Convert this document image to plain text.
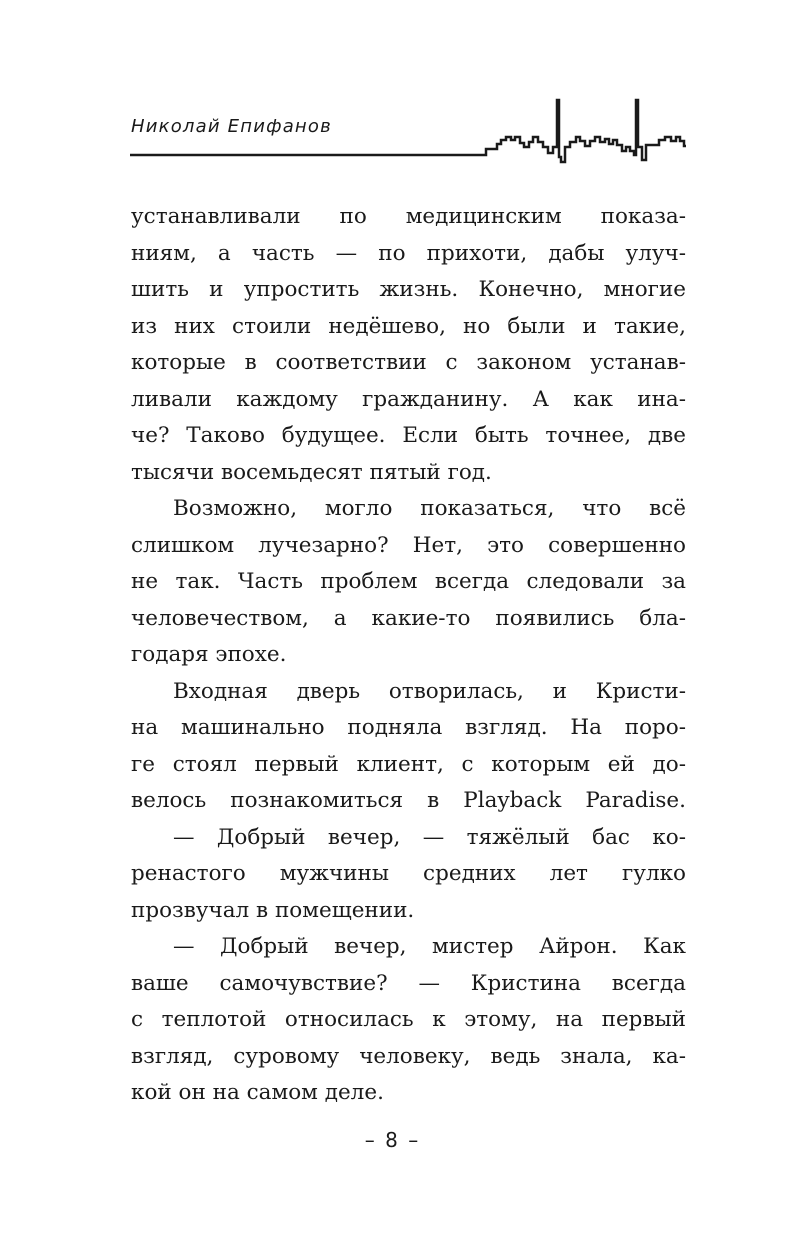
Николай Епифанов
устанавливали по медицинским показа-
ниям, а часть — по прихоти, дабы улуч-
шить и упростить жизнь. Конечно, многие
из них стоили недёшево, но были и такие,
которые в соответствии с законом устанав-
ливали каждому гражданину. А как ина-
че? Таково будущее. Если быть точнее, две
тысячи восемьдесят пятый год.
Возможно, могло показаться, что всё
слишком лучезарно? Нет, это совершенно
не так. Часть проблем всегда следовали за
человечеством, а какие-то появились бла-
годаря эпохе.
Входная дверь отворилась, и Кристи-
на машинально подняла взгляд. На поро-
ге стоял первый клиент, с которым ей до-
велось познакомиться в Playback Paradise.
— Добрый вечер, — тяжёлый бас ко-
ренастого мужчины средних лет гулко
прозвучал в помещении.
— Добрый вечер, мистер Айрон. Как
ваше самочувствие? — Кристина всегда
с теплотой относилась к этому, на первый
взгляд, суровому человеку, ведь знала, ка-
кой он на самом деле.
– 8 –
